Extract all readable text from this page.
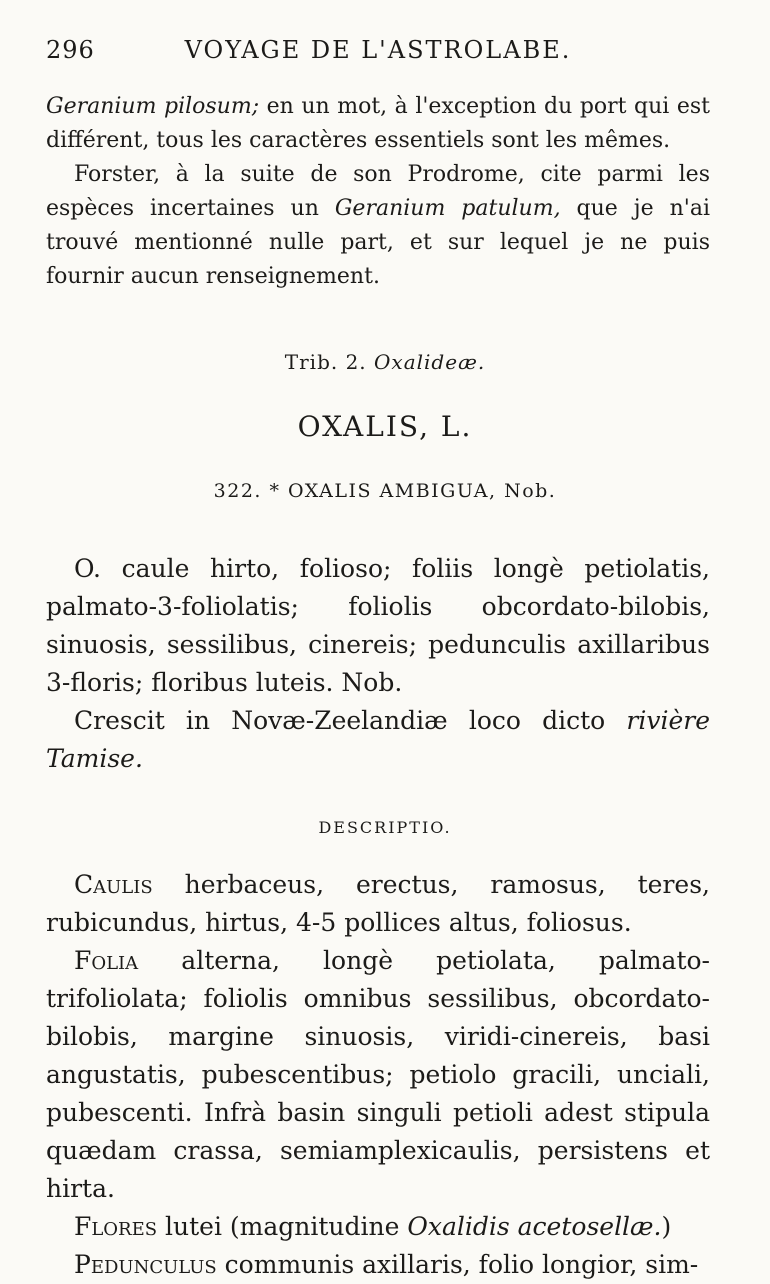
296	VOYAGE DE L'ASTROLABE.

Geranium pilosum; en un mot, à l'exception du port qui est différent, tous les caractères essentiels sont les mêmes.

Forster, à la suite de son Prodrome, cite parmi les espèces incertaines un Geranium patulum, que je n'ai trouvé mentionné nulle part, et sur lequel je ne puis fournir aucun renseignement.

Trib. 2. Oxalideæ.
OXALIS, L.
322. * OXALIS AMBIGUA, Nob.

O. caule hirto, folioso; foliis longè petiolatis, palmato-3-foliolatis; foliolis obcordato-bilobis, sinuosis, sessilibus, cinereis; pedunculis axillaribus 3-floris; floribus luteis. Nob.

Crescit in Novæ-Zeelandiæ loco dicto rivière Tamise.

DESCRIPTIO.

Caulis herbaceus, erectus, ramosus, teres, rubicundus, hirtus, 4-5 pollices altus, foliosus.

Folia alterna, longè petiolata, palmato-trifoliolata; foliolis omnibus sessilibus, obcordato-bilobis, margine sinuosis, viridi-cinereis, basi angustatis, pubescentibus; petiolo gracili, unciali, pubescenti. Infrà basin singuli petioli adest stipula quædam crassa, semiamplexicaulis, persistens et hirta.

Flores lutei (magnitudine Oxalidis acetosellæ.)

Pedunculus communis axillaris, folio longior, sim-
